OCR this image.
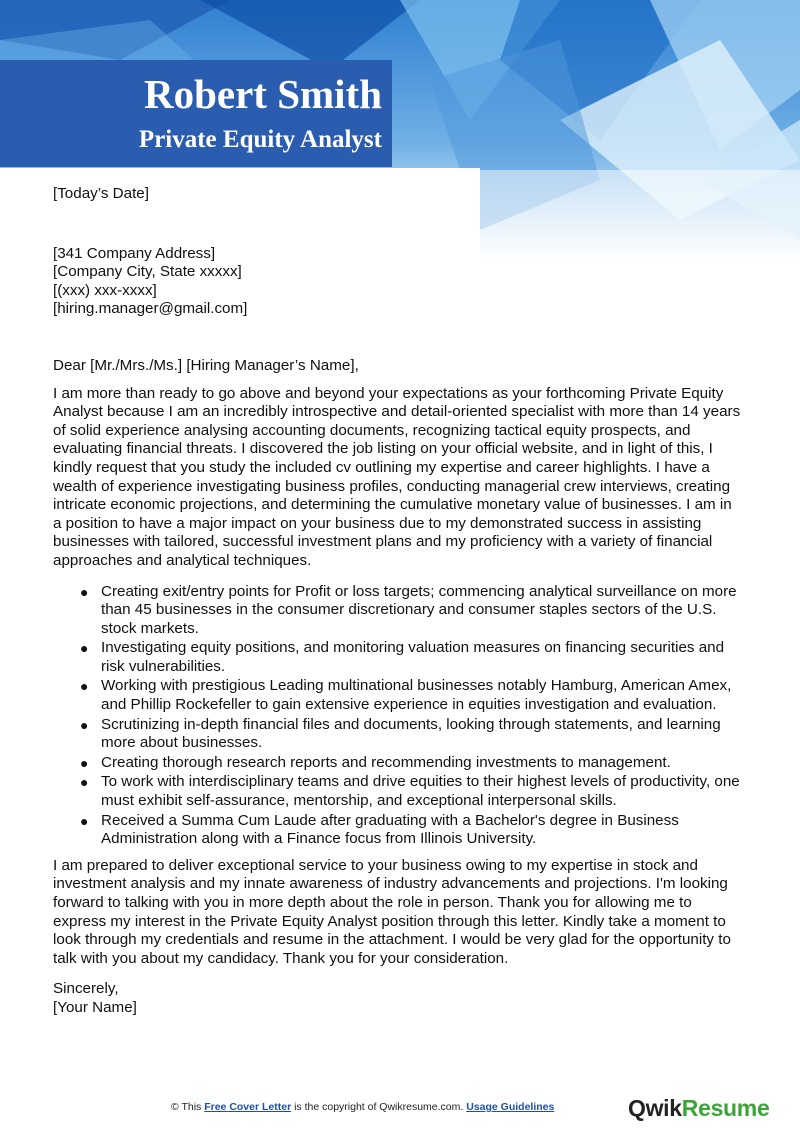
Robert Smith
Private Equity Analyst

[Today’s Date]

[341 Company Address]

[Company City, State xxxxx]

[(xxx) xxx-xxxx]

[hiring.manager@gmail.com]

Dear [Mr./Mrs./Ms.] [Hiring Manager’s Name],

I am more than ready to go above and beyond your expectations as your forthcoming Private Equity Analyst because I am an incredibly introspective and detail-oriented specialist with more than 14 years of solid experience analysing accounting documents, recognizing tactical equity prospects, and evaluating financial threats. I discovered the job listing on your official website, and in light of this, I kindly request that you study the included cv outlining my expertise and career highlights. I have a wealth of experience investigating business profiles, conducting managerial crew interviews, creating intricate economic projections, and determining the cumulative monetary value of businesses. I am in a position to have a major impact on your business due to my demonstrated success in assisting businesses with tailored, successful investment plans and my proficiency with a variety of financial approaches and analytical techniques.

● Creating exit/entry points for Profit or loss targets; commencing analytical surveillance on more than 45 businesses in the consumer discretionary and consumer staples sectors of the U.S. stock markets.
● Investigating equity positions, and monitoring valuation measures on financing securities and risk vulnerabilities.
● Working with prestigious Leading multinational businesses notably Hamburg, American Amex, and Phillip Rockefeller to gain extensive experience in equities investigation and evaluation.
● Scrutinizing in-depth financial files and documents, looking through statements, and learning more about businesses.
● Creating thorough research reports and recommending investments to management.
● To work with interdisciplinary teams and drive equities to their highest levels of productivity, one must exhibit self-assurance, mentorship, and exceptional interpersonal skills.
● Received a Summa Cum Laude after graduating with a Bachelor's degree in Business Administration along with a Finance focus from Illinois University.

I am prepared to deliver exceptional service to your business owing to my expertise in stock and investment analysis and my innate awareness of industry advancements and projections. I'm looking forward to talking with you in more depth about the role in person. Thank you for allowing me to express my interest in the Private Equity Analyst position through this letter. Kindly take a moment to look through my credentials and resume in the attachment. I would be very glad for the opportunity to talk with you about my candidacy. Thank you for your consideration.

Sincerely,

[Your Name]

© This Free Cover Letter is the copyright of Qwikresume.com. Usage Guidelines	QwikResume
